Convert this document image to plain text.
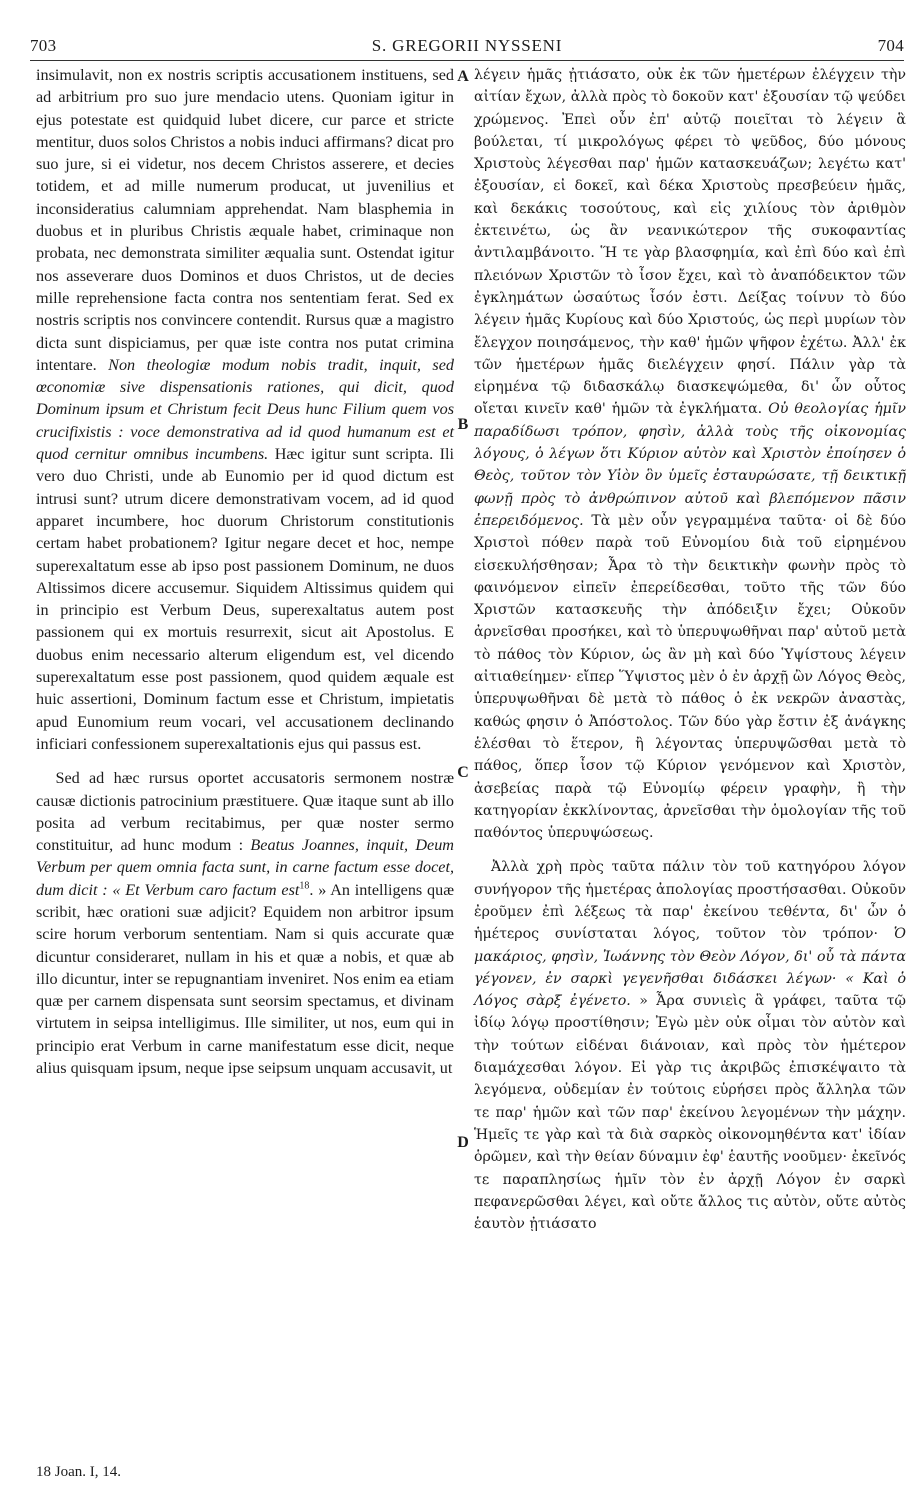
703	S. GREGORII NYSSENI	704

insimulavit, non ex nostris scriptis accusationem instituens, sed ad arbitrium pro suo jure mendacio utens. Quoniam igitur in ejus potestate est quidquid lubet dicere, cur parce et stricte mentitur, duos solos Christos a nobis induci affirmans? dicat pro suo jure, si ei videtur, nos decem Christos asserere, et decies totidem, et ad mille numerum producat, ut juvenilius et inconsideratius calumniam apprehendat. Nam blasphemia in duobus et in pluribus Christis æquale habet, criminaque non probata, nec demonstrata similiter æqualia sunt. Ostendat igitur nos asseverare duos Dominos et duos Christos, ut de decies mille reprehensione facta contra nos sententiam ferat. Sed ex nostris scriptis nos convincere contendit. Rursus quæ a magistro dicta sunt dispiciamus, per quæ iste contra nos putat crimina intentare. Non theologiæ modum nobis tradit, inquit, sed œconomiæ sive dispensationis rationes, qui dicit, quod Dominum ipsum et Christum fecit Deus hunc Filium quem vos crucifixistis : voce demonstrativa ad id quod humanum est et quod cernitur omnibus incumbens. Hæc igitur sunt scripta. Ili vero duo Christi, unde ab Eunomio per id quod dictum est intrusi sunt? utrum dicere demonstrativam vocem, ad id quod apparet incumbere, hoc duorum Christorum constitutionis certam habet probationem? Igitur negare decet et hoc, nempe superexaltatum esse ab ipso post passionem Dominum, ne duos Altissimos dicere accusemur. Siquidem Altissimus quidem qui in principio est Verbum Deus, superexaltatus autem post passionem qui ex mortuis resurrexit, sicut ait Apostolus. E duobus enim necessario alterum eligendum est, vel dicendo superexaltatum esse post passionem, quod quidem æquale est huic assertioni, Dominum factum esse et Christum, impietatis apud Eunomium reum vocari, vel accusationem declinando inficiari confessionem superexaltationis ejus qui passus est.

Sed ad hæc rursus oportet accusatoris sermonem nostræ causæ dictionis patrocinium præstituere. Quæ itaque sunt ab illo posita ad verbum recitabimus, per quæ noster sermo constituitur, ad hunc modum : Beatus Joannes, inquit, Deum Verbum per quem omnia facta sunt, in carne factum esse docet, dum dicit : « Et Verbum caro factum est$^{18}$. » An intelligens quæ scribit, hæc orationi suæ adjicit? Equidem non arbitror ipsum scire horum verborum sententiam. Nam si quis accurate quæ dicuntur consideraret, nullam in his et quæ a nobis, et quæ ab illo dicuntur, inter se repugnantiam inveniret. Nos enim ea etiam quæ per carnem dispensata sunt seorsim spectamus, et divinam virtutem in seipsa intelligimus. Ille similiter, ut nos, eum qui in principio erat Verbum in carne manifestatum esse dicit, neque alius quisquam ipsum, neque ipse seipsum unquam accusavit, ut

A
B
C
D

λέγειν ἡμᾶς ᾐτιάσατο, οὐκ ἐκ τῶν ἡμετέρων ἐλέγχειν τὴν αἰτίαν ἔχων, ἀλλὰ πρὸς τὸ δοκοῦν κατ' ἐξουσίαν τῷ ψεύδει χρώμενος. Ἐπεὶ οὖν ἐπ' αὐτῷ ποιεῖται τὸ λέγειν ἃ βούλεται, τί μικρολόγως φέρει τὸ ψεῦδος, δύο μόνους Χριστοὺς λέγεσθαι παρ' ἡμῶν κατασκευάζων; λεγέτω κατ' ἐξουσίαν, εἰ δοκεῖ, καὶ δέκα Χριστοὺς πρεσβεύειν ἡμᾶς, καὶ δεκάκις τοσούτους, καὶ εἰς χιλίους τὸν ἀριθμὸν ἐκτεινέτω, ὡς ἂν νεανικώτερον τῆς συκοφαντίας ἀντιλαμβάνοιτο. Ἥ τε γὰρ βλασφημία, καὶ ἐπὶ δύο καὶ ἐπὶ πλειόνων Χριστῶν τὸ ἶσον ἔχει, καὶ τὸ ἀναπόδεικτον τῶν ἐγκλημάτων ὡσαύτως ἶσόν ἐστι. Δείξας τοίνυν τὸ δύο λέγειν ἡμᾶς Κυρίους καὶ δύο Χριστούς, ὡς περὶ μυρίων τὸν ἔλεγχον ποιησάμενος, τὴν καθ' ἡμῶν ψῆφον ἐχέτω. Ἀλλ' ἐκ τῶν ἡμετέρων ἡμᾶς διελέγχειν φησί. Πάλιν γὰρ τὰ εἰρημένα τῷ διδασκάλῳ διασκεψώμεθα, δι' ὧν οὗτος οἴεται κινεῖν καθ' ἡμῶν τὰ ἐγκλήματα. Οὐ θεολογίας ἡμῖν παραδίδωσι τρόπον, φησὶν, ἀλλὰ τοὺς τῆς οἰκονομίας λόγους, ὁ λέγων ὅτι Κύριον αὐτὸν καὶ Χριστὸν ἐποίησεν ὁ Θεὸς, τοῦτον τὸν Υἱὸν ὃν ὑμεῖς ἐσταυρώσατε, τῇ δεικτικῇ φωνῇ πρὸς τὸ ἀνθρώπινον αὐτοῦ καὶ βλεπόμενον πᾶσιν ἐπερειδόμενος. Τὰ μὲν οὖν γεγραμμένα ταῦτα· οἱ δὲ δύο Χριστοὶ πόθεν παρὰ τοῦ Εὐνομίου διὰ τοῦ εἰρημένου εἰσεκυλήσθησαν; Ἆρα τὸ τὴν δεικτικὴν φωνὴν πρὸς τὸ φαινόμενον εἰπεῖν ἐπερείδεσθαι, τοῦτο τῆς τῶν δύο Χριστῶν κατασκευῆς τὴν ἀπόδειξιν ἔχει; Οὐκοῦν ἀρνεῖσθαι προσήκει, καὶ τὸ ὑπερυψωθῆναι παρ' αὐτοῦ μετὰ τὸ πάθος τὸν Κύριον, ὡς ἂν μὴ καὶ δύο Ὑψίστους λέγειν αἰτιαθείημεν· εἴπερ Ὕψιστος μὲν ὁ ἐν ἀρχῇ ὢν Λόγος Θεὸς, ὑπερυψωθῆναι δὲ μετὰ τὸ πάθος ὁ ἐκ νεκρῶν ἀναστὰς, καθώς φησιν ὁ Ἀπόστολος. Τῶν δύο γὰρ ἔστιν ἐξ ἀνάγκης ἑλέσθαι τὸ ἕτερον, ἢ λέγοντας ὑπερυψῶσθαι μετὰ τὸ πάθος, ὅπερ ἶσον τῷ Κύριον γενόμενον καὶ Χριστὸν, ἀσεβείας παρὰ τῷ Εὐνομίῳ φέρειν γραφὴν, ἢ τὴν κατηγορίαν ἐκκλίνοντας, ἀρνεῖσθαι τὴν ὁμολογίαν τῆς τοῦ παθόντος ὑπερυψώσεως.

Ἀλλὰ χρὴ πρὸς ταῦτα πάλιν τὸν τοῦ κατηγόρου λόγον συνήγορον τῆς ἡμετέρας ἀπολογίας προστήσασθαι. Οὐκοῦν ἐροῦμεν ἐπὶ λέξεως τὰ παρ' ἐκείνου τεθέντα, δι' ὧν ὁ ἡμέτερος συνίσταται λόγος, τοῦτον τὸν τρόπον· Ὁ μακάριος, φησὶν, Ἰωάννης τὸν Θεὸν Λόγον, δι' οὗ τὰ πάντα γέγονεν, ἐν σαρκὶ γεγενῆσθαι διδάσκει λέγων· « Καὶ ὁ Λόγος σὰρξ ἐγένετο. » Ἆρα συνιεὶς ἃ γράφει, ταῦτα τῷ ἰδίῳ λόγῳ προστίθησιν; Ἐγὼ μὲν οὐκ οἶμαι τὸν αὐτὸν καὶ τὴν τούτων εἰδέναι διάνοιαν, καὶ πρὸς τὸν ἡμέτερον διαμάχεσθαι λόγον. Εἰ γὰρ τις ἀκριβῶς ἐπισκέψαιτο τὰ λεγόμενα, οὐδεμίαν ἐν τούτοις εὑρήσει πρὸς ἄλληλα τῶν τε παρ' ἡμῶν καὶ τῶν παρ' ἐκείνου λεγομένων τὴν μάχην. Ἡμεῖς τε γὰρ καὶ τὰ διὰ σαρκὸς οἰκονομηθέντα κατ' ἰδίαν ὁρῶμεν, καὶ τὴν θείαν δύναμιν ἐφ' ἑαυτῆς νοοῦμεν· ἐκεῖνός τε παραπλησίως ἡμῖν τὸν ἐν ἀρχῇ Λόγον ἐν σαρκὶ πεφανερῶσθαι λέγει, καὶ οὔτε ἄλλος τις αὐτὸν, οὔτε αὐτὸς ἑαυτὸν ᾐτιάσατο

18 Joan. I, 14.
